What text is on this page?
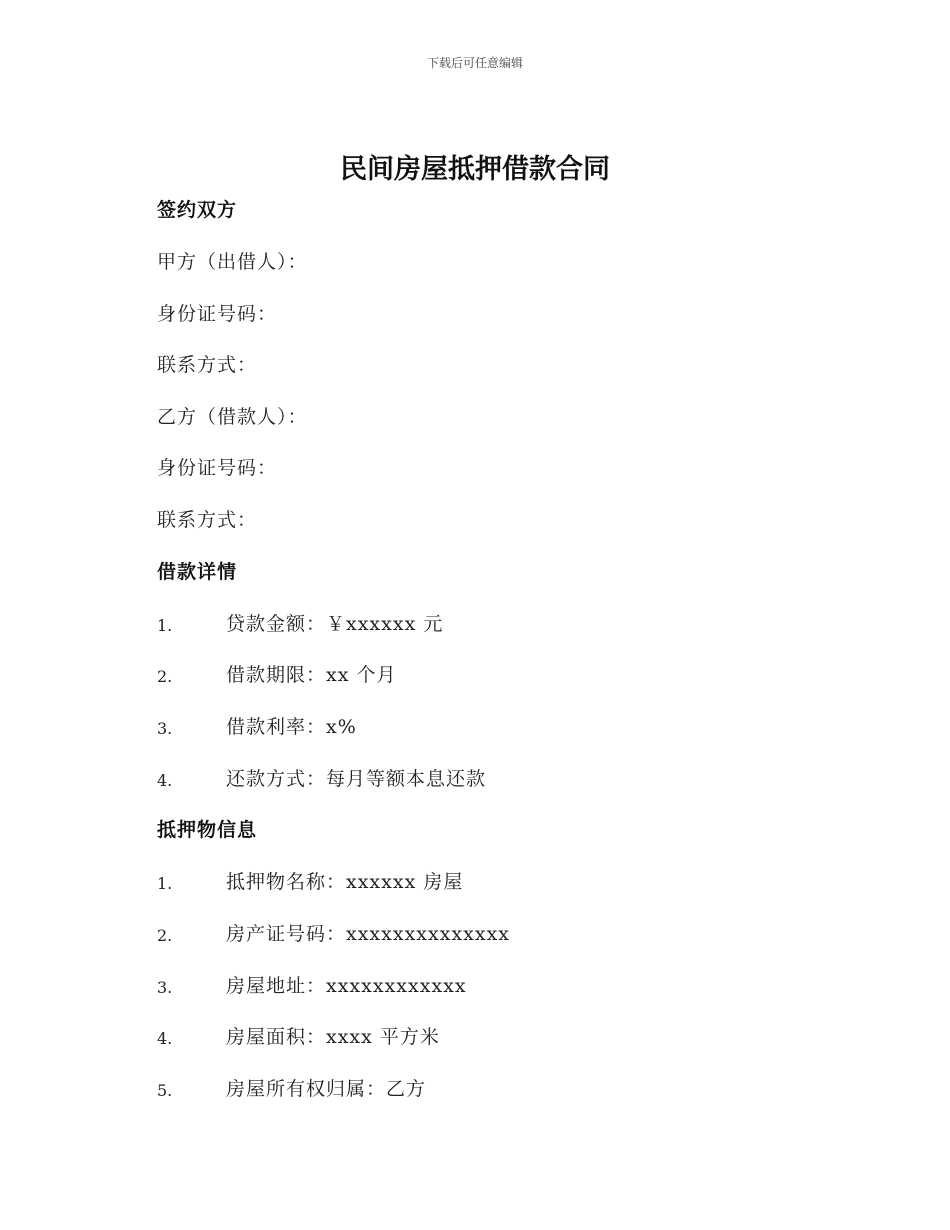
下载后可任意编辑
民间房屋抵押借款合同
签约双方
甲方（出借人）：
身份证号码：
联系方式：
乙方（借款人）：
身份证号码：
联系方式：
借款详情
1.	贷款金额：￥xxxxxx 元
2.	借款期限：xx 个月
3.	借款利率：x%
4.	还款方式：每月等额本息还款
抵押物信息
1.	抵押物名称：xxxxxx 房屋
2.	房产证号码：xxxxxxxxxxxxxx
3.	房屋地址：xxxxxxxxxxxx
4.	房屋面积：xxxx 平方米
5.	房屋所有权归属：乙方
